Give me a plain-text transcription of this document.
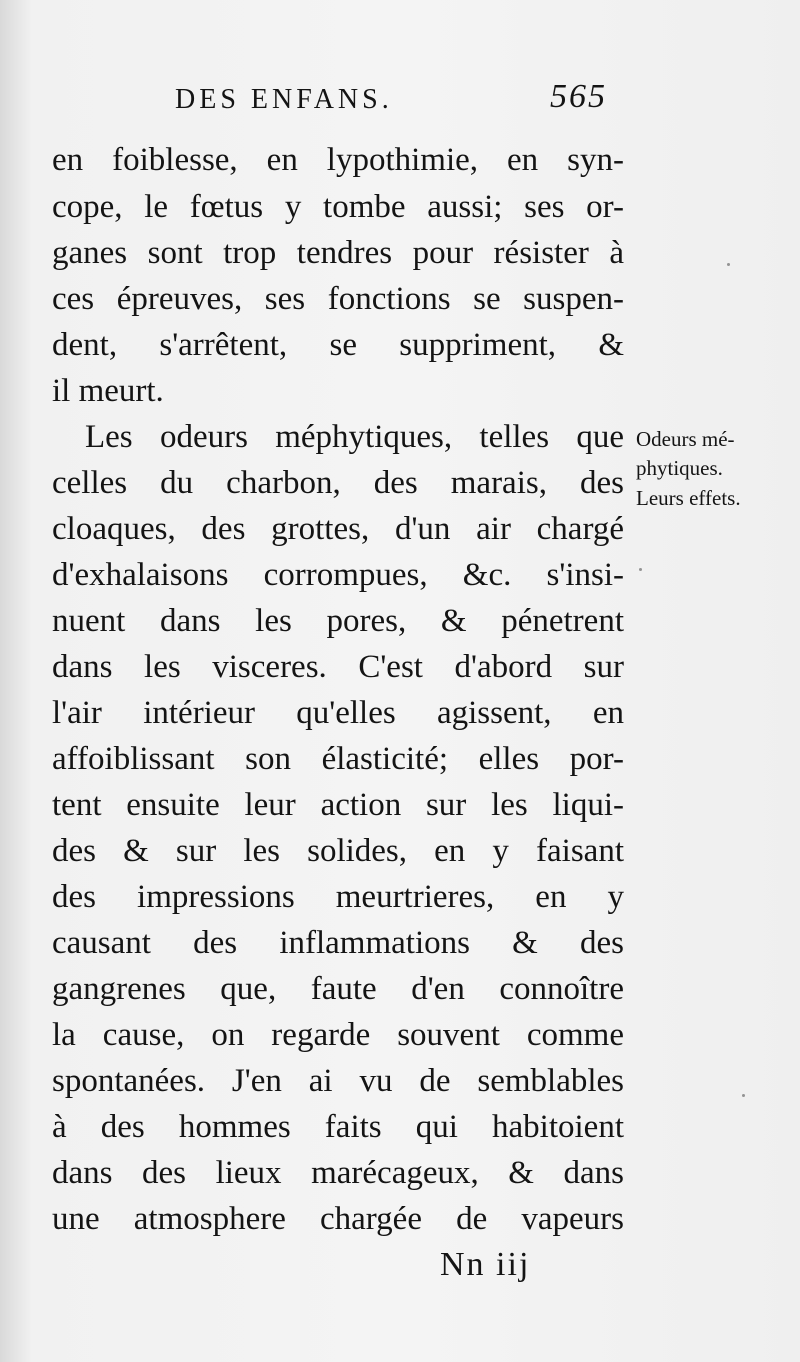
DES ENFANS.	565
en foiblesse, en lypothimie, en syn-
cope, le fœtus y tombe aussi; ses or-
ganes sont trop tendres pour résister à
ces épreuves, ses fonctions se suspen-
dent, s'arrêtent, se suppriment, &
il meurt.
Les odeurs méphytiques, telles que
celles du charbon, des marais, des
cloaques, des grottes, d'un air chargé
d'exhalaisons corrompues, &c. s'insi-
nuent dans les pores, & pénetrent
dans les visceres. C'est d'abord sur
l'air intérieur qu'elles agissent, en
affoiblissant son élasticité; elles por-
tent ensuite leur action sur les liqui-
des & sur les solides, en y faisant
des impressions meurtrieres, en y
causant des inflammations & des
gangrenes que, faute d'en connoître
la cause, on regarde souvent comme
spontanées. J'en ai vu de semblables
à des hommes faits qui habitoient
dans des lieux marécageux, & dans
une atmosphere chargée de vapeurs
Odeurs mé-
phytiques.
Leurs effets.
Nn iij
